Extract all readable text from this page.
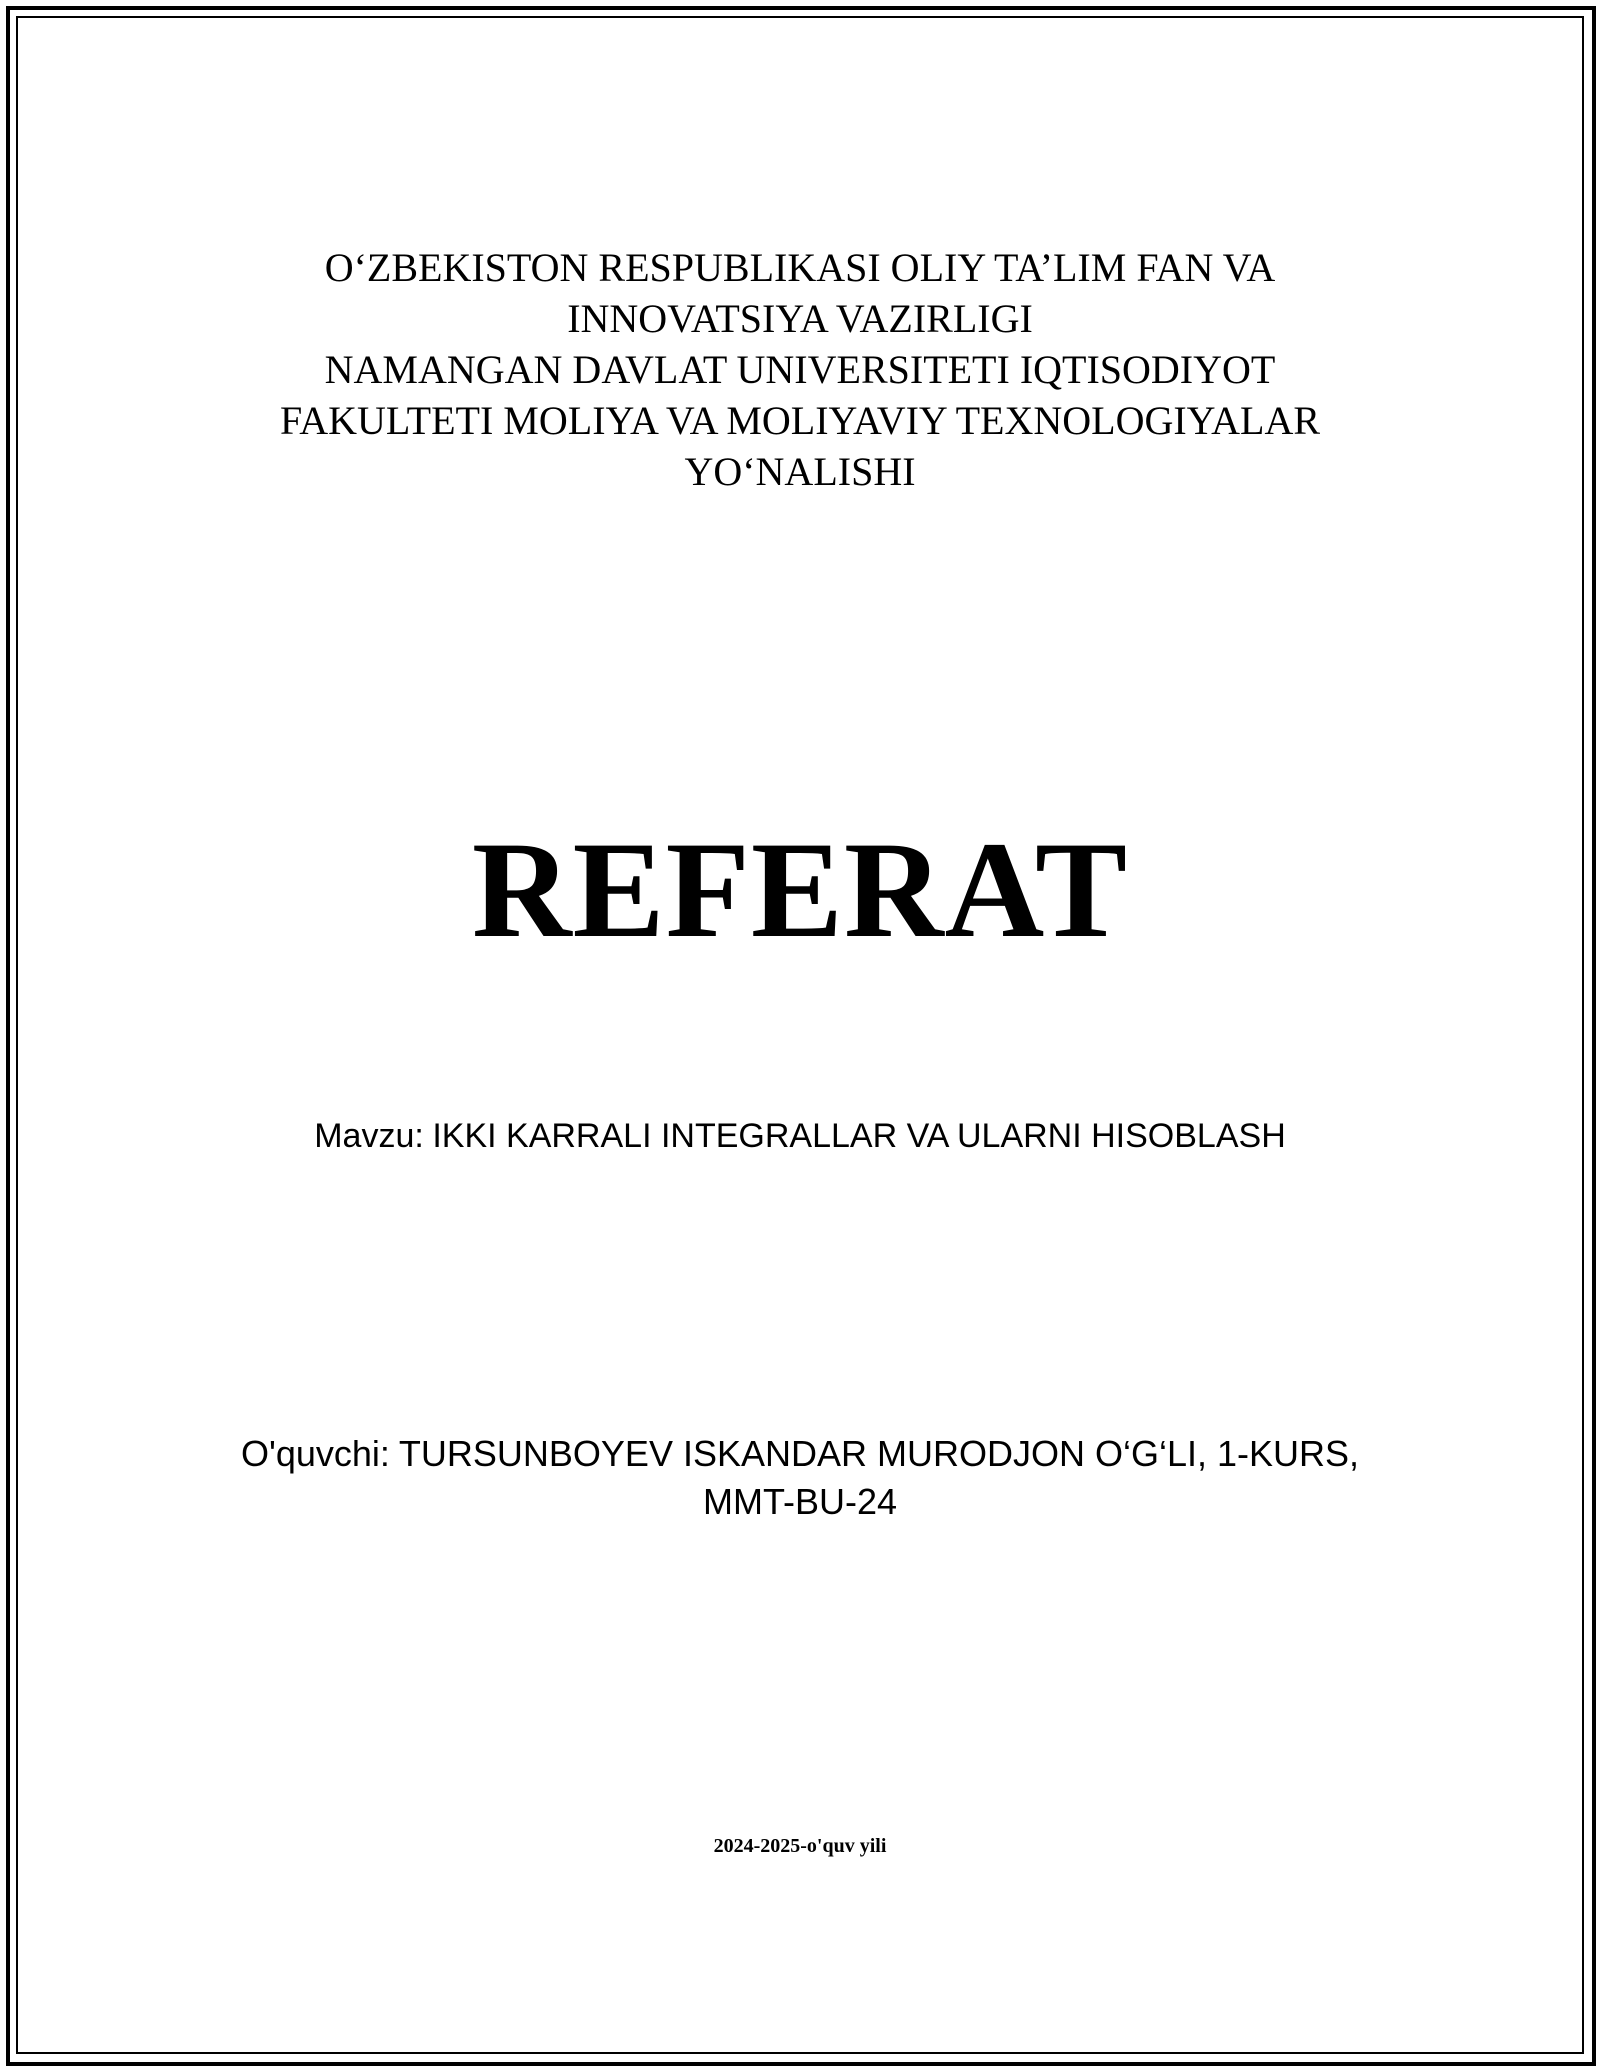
O‘ZBEKISTON RESPUBLIKASI OLIY TA’LIM FAN VA
INNOVATSIYA VAZIRLIGI
NAMANGAN DAVLAT UNIVERSITETI IQTISODIYOT
FAKULTETI MOLIYA VA MOLIYAVIY TEXNOLOGIYALAR
YO‘NALISHI
REFERAT
Mavzu: IKKI KARRALI INTEGRALLAR VA ULARNI HISOBLASH
O'quvchi: TURSUNBOYEV ISKANDAR MURODJON O‘G‘LI, 1-KURS,
MMT-BU-24
2024-2025-o'quv yili
